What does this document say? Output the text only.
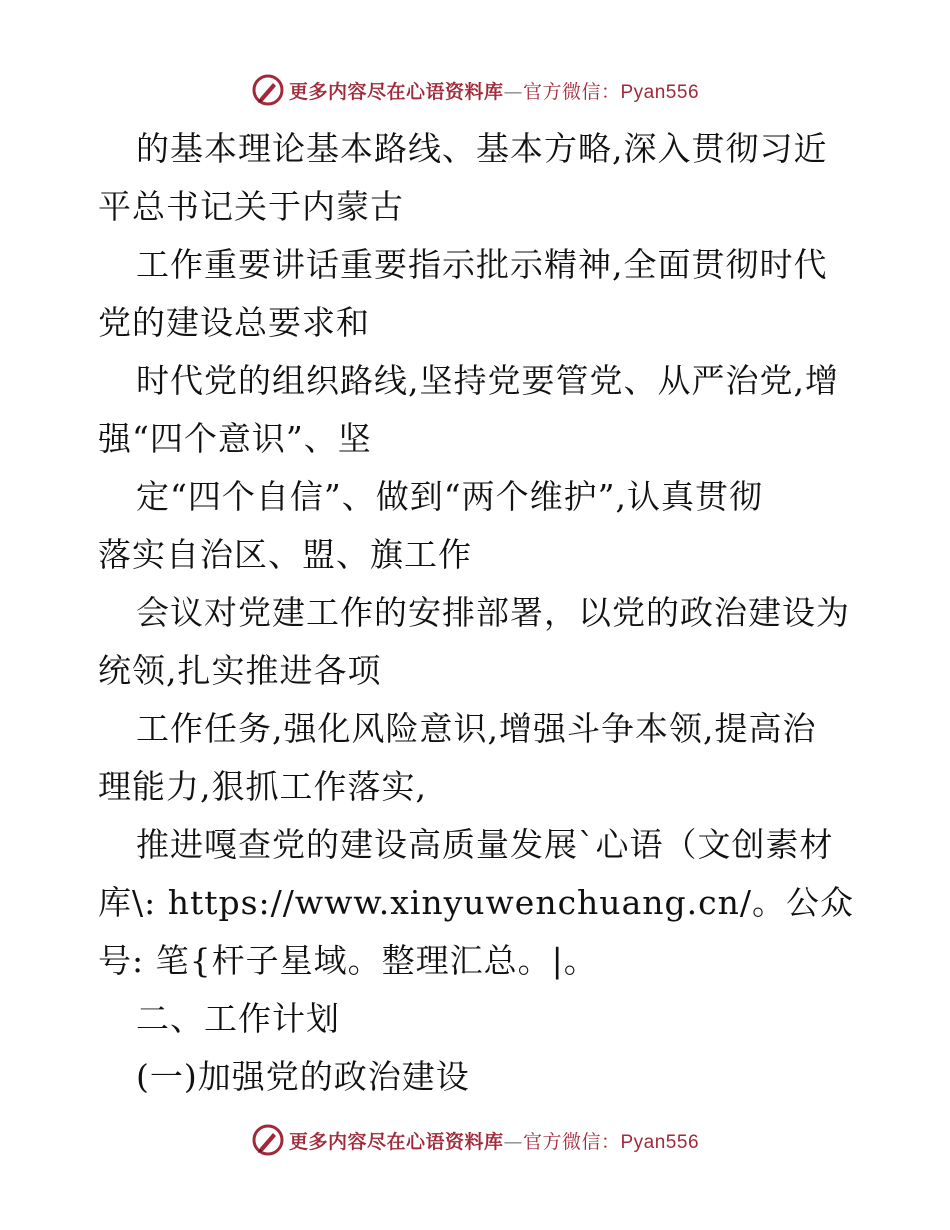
更多内容尽在心语资料库—官方微信：Pyan556
的基本理论基本路线、基本方略,深入贯彻习近
平总书记关于内蒙古
工作重要讲话重要指示批示精神,全面贯彻时代
党的建设总要求和
时代党的组织路线,坚持党要管党、从严治党,增
强“四个意识”、坚
定“四个自信”、做到“两个维护”,认真贯彻
落实自治区、盟、旗工作
会议对党建工作的安排部署，以党的政治建设为
统领,扎实推进各项
工作任务,强化风险意识,增强斗争本领,提高治
理能力,狠抓工作落实,
推进嘎查党的建设高质量发展`心语（文创素材
库\: https://www.xinyuwenchuang.cn/。公众
号: 笔{杆子星域。整理汇总。|。
二、工作计划
(一)加强党的政治建设
更多内容尽在心语资料库—官方微信：Pyan556
